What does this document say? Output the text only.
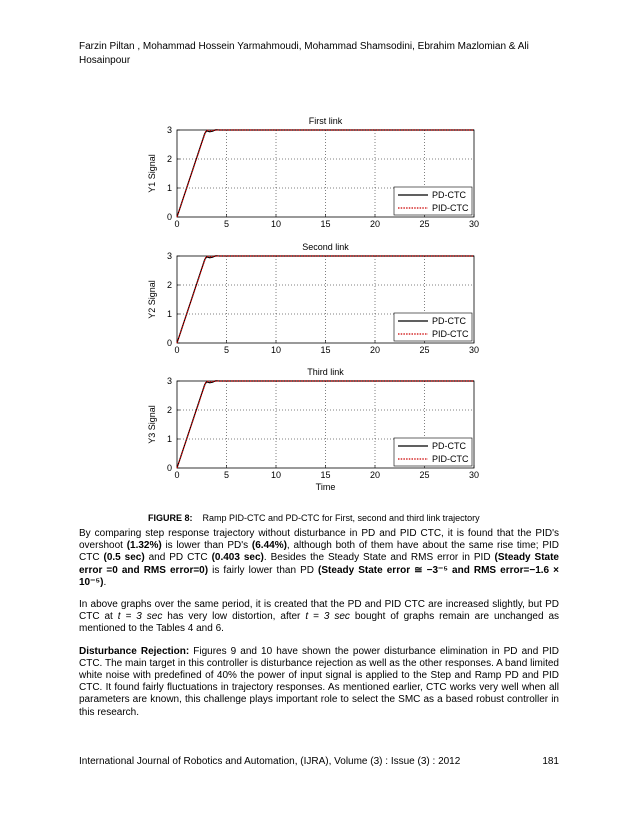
Farzin Piltan , Mohammad Hossein Yarmahmoudi, Mohammad Shamsodini, Ebrahim Mazlomian & Ali
Hosainpour
0	5	10	15	20	25	30
0
1
2
3
First link
Y1 Signal
PD-CTC
PID-CTC
0	5	10	15	20	25	30
0
1
2
3
Second link
Y2 Signal
PD-CTC
PID-CTC
0	5	10	15	20	25	30
0
1
2
3
Third link
Y3 Signal
Time
PD-CTC
PID-CTC
FIGURE 8: Ramp PID-CTC and PD-CTC for First, second and third link trajectory

By comparing step response trajectory without disturbance in PD and PID CTC, it is found that the PID's overshoot (1.32%) is lower than PD's (6.44%), although both of them have about the same rise time; PID CTC (0.5 sec) and PD CTC (0.403 sec). Besides the Steady State and RMS error in PID (Steady State error =0 and RMS error=0) is fairly lower than PD (Steady State error ≅ −3⁻⁵ and RMS error=−1.6 × 10⁻⁵).

In above graphs over the same period, it is created that the PD and PID CTC are increased slightly, but PD CTC at t = 3 sec has very low distortion, after t = 3 sec bought of graphs remain are unchanged as mentioned to the Tables 4 and 6.

Disturbance Rejection: Figures 9 and 10 have shown the power disturbance elimination in PD and PID CTC. The main target in this controller is disturbance rejection as well as the other responses. A band limited white noise with predefined of 40% the power of input signal is applied to the Step and Ramp PD and PID CTC. It found fairly fluctuations in trajectory responses. As mentioned earlier, CTC works very well when all parameters are known, this challenge plays important role to select the SMC as a based robust controller in this research.

International Journal of Robotics and Automation, (IJRA), Volume (3) : Issue (3) : 2012	181
